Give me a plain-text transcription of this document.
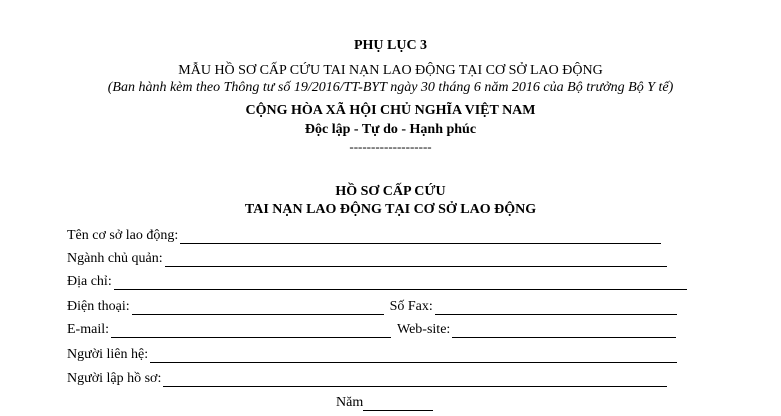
PHỤ LỤC 3
MẪU HỒ SƠ CẤP CỨU TAI NẠN LAO ĐỘNG TẠI CƠ SỞ LAO ĐỘNG
(Ban hành kèm theo Thông tư số 19/2016/TT-BYT ngày 30 tháng 6 năm 2016 của Bộ trưởng Bộ Y tế)
CỘNG HÒA XÃ HỘI CHỦ NGHĨA VIỆT NAM
Độc lập - Tự do - Hạnh phúc
-------------------
HỒ SƠ CẤP CỨU
TAI NẠN LAO ĐỘNG TẠI CƠ SỞ LAO ĐỘNG
Tên cơ sở lao động:
Ngành chủ quản:
Địa chỉ:
Điện thoại:	Số Fax:
E-mail:	Web-site:
Người liên hệ:
Người lập hồ sơ:
Năm
